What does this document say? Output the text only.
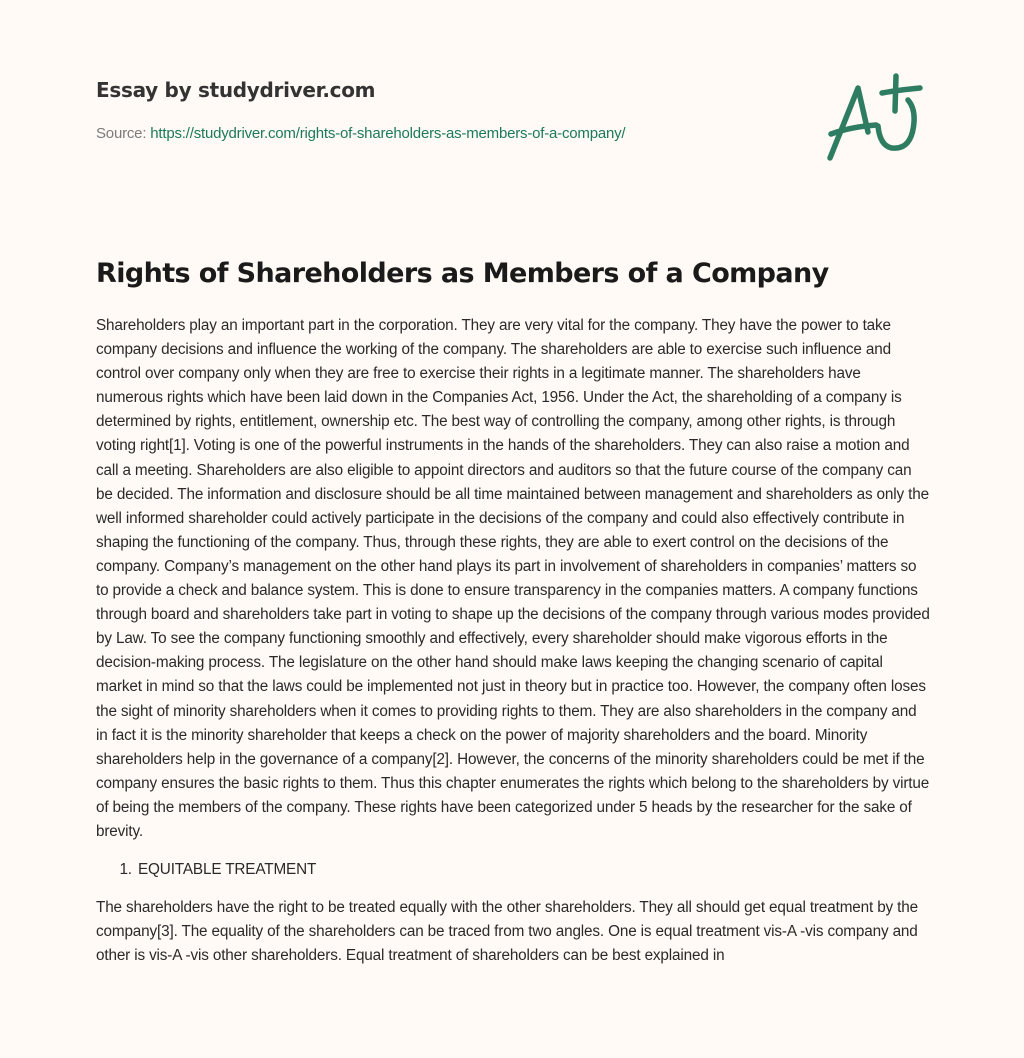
Essay by studydriver.com
Source: https://studydriver.com/rights-of-shareholders-as-members-of-a-company/
Rights of Shareholders as Members of a Company

Shareholders play an important part in the corporation. They are very vital for the company. They have the power to take company decisions and influence the working of the company. The shareholders are able to exercise such influence and control over company only when they are free to exercise their rights in a legitimate manner. The shareholders have numerous rights which have been laid down in the Companies Act, 1956. Under the Act, the shareholding of a company is determined by rights, entitlement, ownership etc. The best way of controlling the company, among other rights, is through voting right[1]. Voting is one of the powerful instruments in the hands of the shareholders. They can also raise a motion and call a meeting. Shareholders are also eligible to appoint directors and auditors so that the future course of the company can be decided. The information and disclosure should be all time maintained between management and shareholders as only the well informed shareholder could actively participate in the decisions of the company and could also effectively contribute in shaping the functioning of the company. Thus, through these rights, they are able to exert control on the decisions of the company. Company’s management on the other hand plays its part in involvement of shareholders in companies’ matters so to provide a check and balance system. This is done to ensure transparency in the companies matters. A company functions through board and shareholders take part in voting to shape up the decisions of the company through various modes provided by Law. To see the company functioning smoothly and effectively, every shareholder should make vigorous efforts in the decision-making process. The legislature on the other hand should make laws keeping the changing scenario of capital market in mind so that the laws could be implemented not just in theory but in practice too. However, the company often loses the sight of minority shareholders when it comes to providing rights to them. They are also shareholders in the company and in fact it is the minority shareholder that keeps a check on the power of majority shareholders and the board. Minority shareholders help in the governance of a company[2]. However, the concerns of the minority shareholders could be met if the company ensures the basic rights to them. Thus this chapter enumerates the rights which belong to the shareholders by virtue of being the members of the company. These rights have been categorized under 5 heads by the researcher for the sake of brevity.

1. EQUITABLE TREATMENT

The shareholders have the right to be treated equally with the other shareholders. They all should get equal treatment by the company[3]. The equality of the shareholders can be traced from two angles. One is equal treatment vis-A -vis company and other is vis-A -vis other shareholders. Equal treatment of shareholders can be best explained in
